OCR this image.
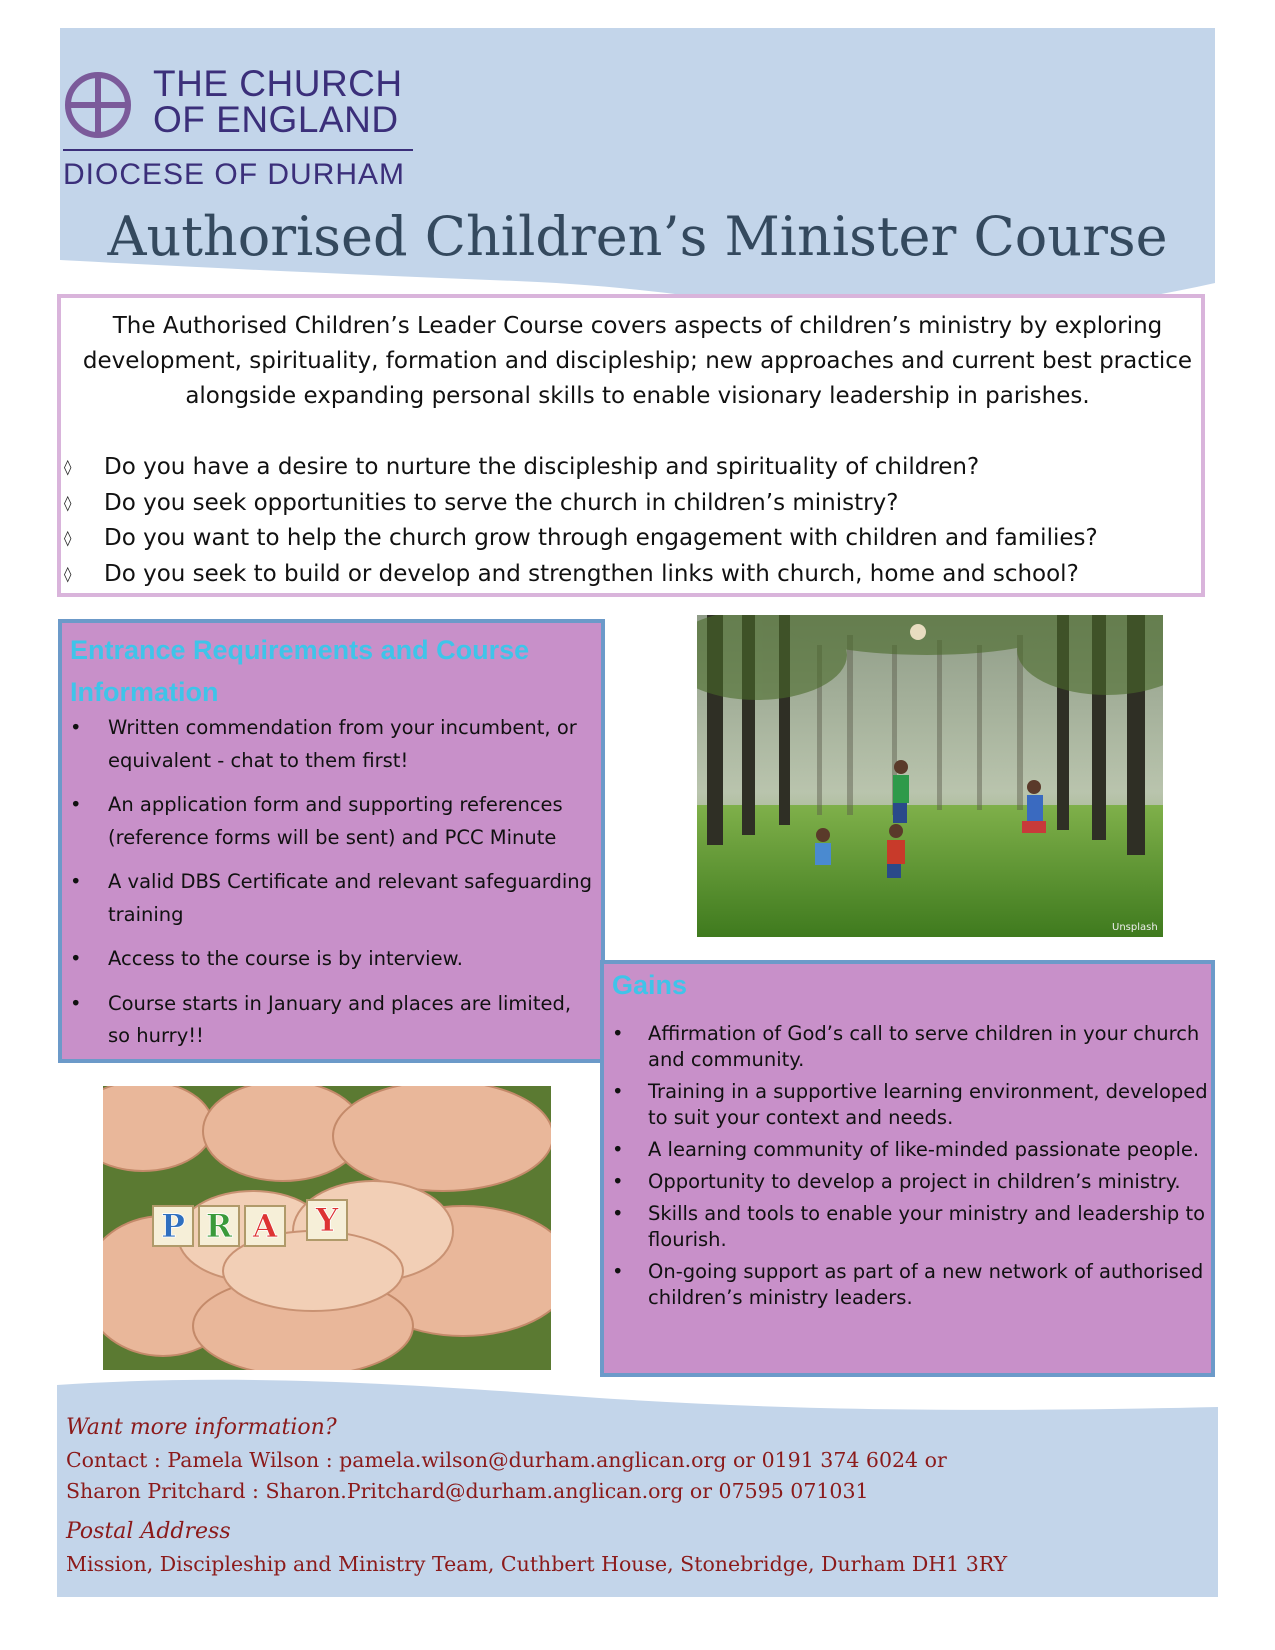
THE CHURCH
OF ENGLAND
DIOCESE OF DURHAM
Authorised Children’s Minister Course
The Authorised Children’s Leader Course covers aspects of children’s ministry by exploring development, spirituality, formation and discipleship; new approaches and current best practice alongside expanding personal skills to enable visionary leadership in parishes.
◊ Do you have a desire to nurture the discipleship and spirituality of children?
◊ Do you seek opportunities to serve the church in children’s ministry?
◊ Do you want to help the church grow through engagement with children and families?
◊ Do you seek to build or develop and strengthen links with church, home and school?
Entrance Requirements and Course Information
• Written commendation from your incumbent, or equivalent - chat to them first!
• An application form and supporting references (reference forms will be sent) and PCC Minute
• A valid DBS Certificate and relevant safeguarding training
• Access to the course is by interview.
• Course starts in January and places are limited, so hurry!!
Unsplash
Gains
• Affirmation of God’s call to serve children in your church and community.
• Training in a supportive learning environment, developed to suit your context and needs.
• A learning community of like-minded passionate people.
• Opportunity to develop a project in children’s ministry.
• Skills and tools to enable your ministry and leadership to flourish.
• On-going support as part of a new network of authorised children’s ministry leaders.
P R A Y
Want more information?
Contact : Pamela Wilson : pamela.wilson@durham.anglican.org or 0191 374 6024 or
Sharon Pritchard : Sharon.Pritchard@durham.anglican.org or 07595 071031
Postal Address
Mission, Discipleship and Ministry Team, Cuthbert House, Stonebridge, Durham DH1 3RY
